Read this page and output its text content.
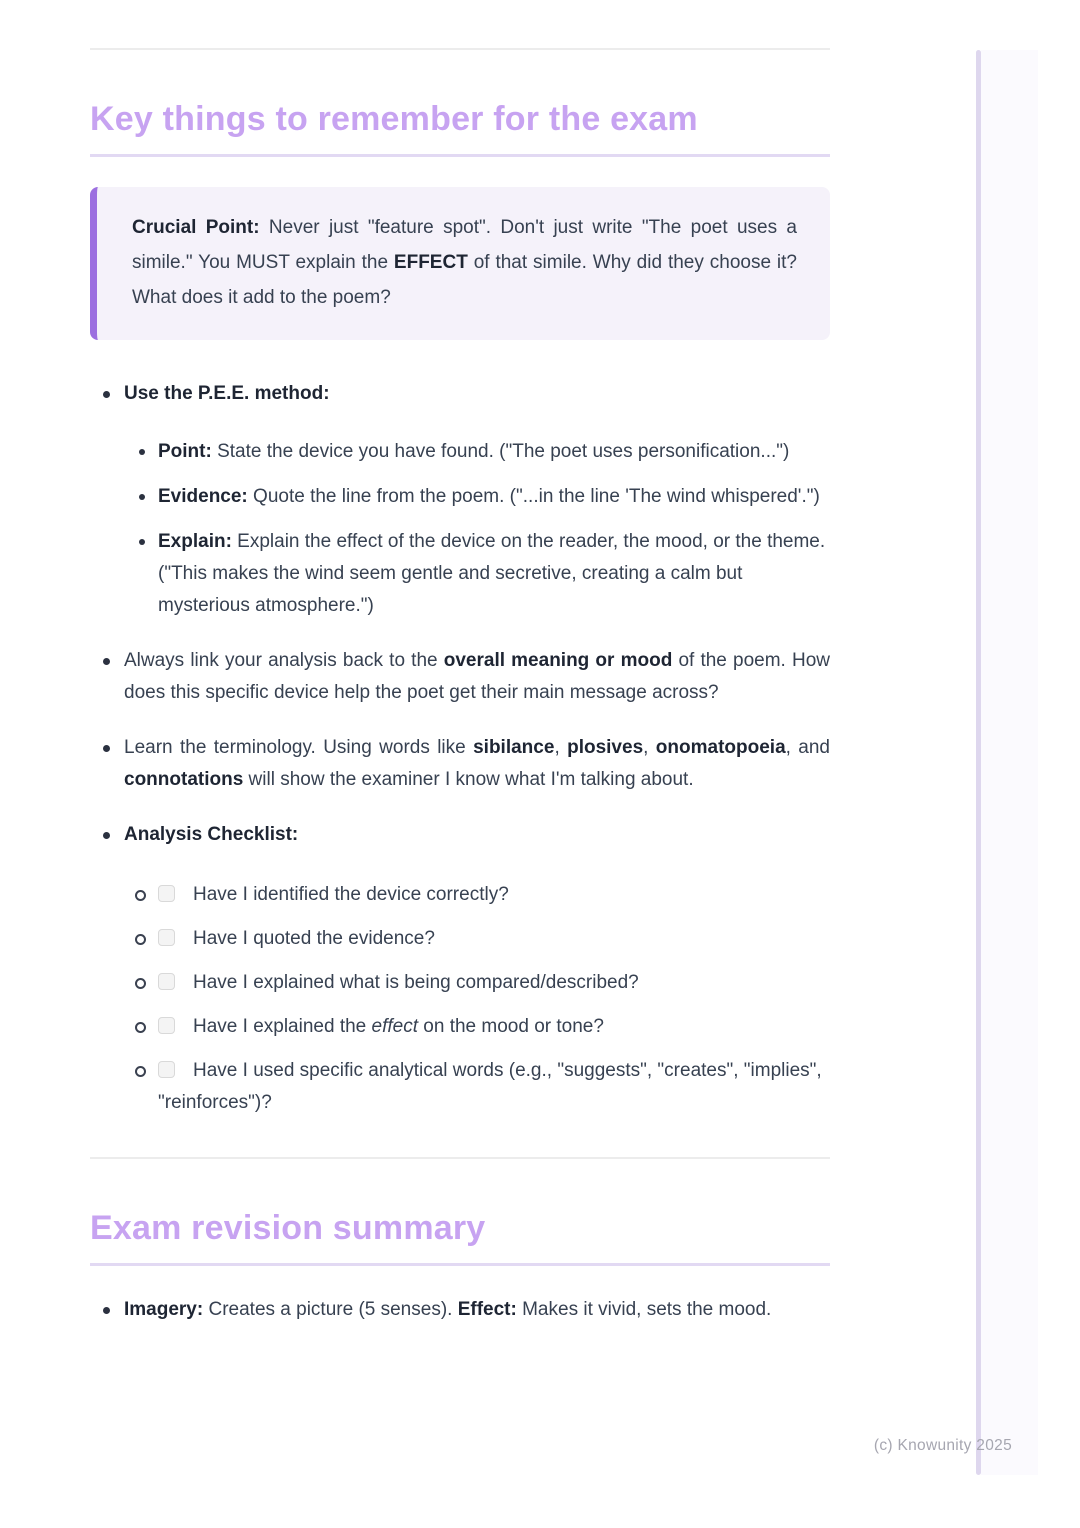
Key things to remember for the exam
Crucial Point: Never just "feature spot". Don't just write "The poet uses a simile." You MUST explain the EFFECT of that simile. Why did they choose it? What does it add to the poem?
Use the P.E.E. method:
Point: State the device you have found. ("The poet uses personification...")
Evidence: Quote the line from the poem. ("...in the line 'The wind whispered'.")
Explain: Explain the effect of the device on the reader, the mood, or the theme. ("This makes the wind seem gentle and secretive, creating a calm but mysterious atmosphere.")
Always link your analysis back to the overall meaning or mood of the poem. How does this specific device help the poet get their main message across?
Learn the terminology. Using words like sibilance, plosives, onomatopoeia, and connotations will show the examiner I know what I'm talking about.
Analysis Checklist:
Have I identified the device correctly?
Have I quoted the evidence?
Have I explained what is being compared/described?
Have I explained the effect on the mood or tone?
Have I used specific analytical words (e.g., "suggests", "creates", "implies", "reinforces")?
Exam revision summary
Imagery: Creates a picture (5 senses). Effect: Makes it vivid, sets the mood.
(c) Knowunity 2025
